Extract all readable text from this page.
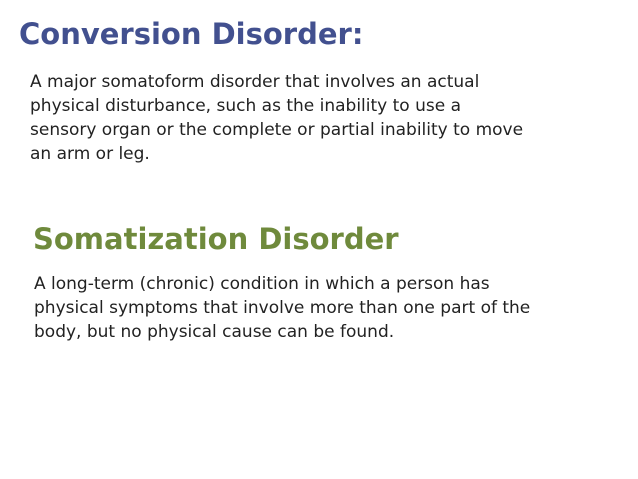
Conversion Disorder:

A major somatoform disorder that involves an actual physical disturbance, such as the inability to use a sensory organ or the complete or partial inability to move an arm or leg.

Somatization Disorder

A long-term (chronic) condition in which a person has physical symptoms that involve more than one part of the body, but no physical cause can be found.
